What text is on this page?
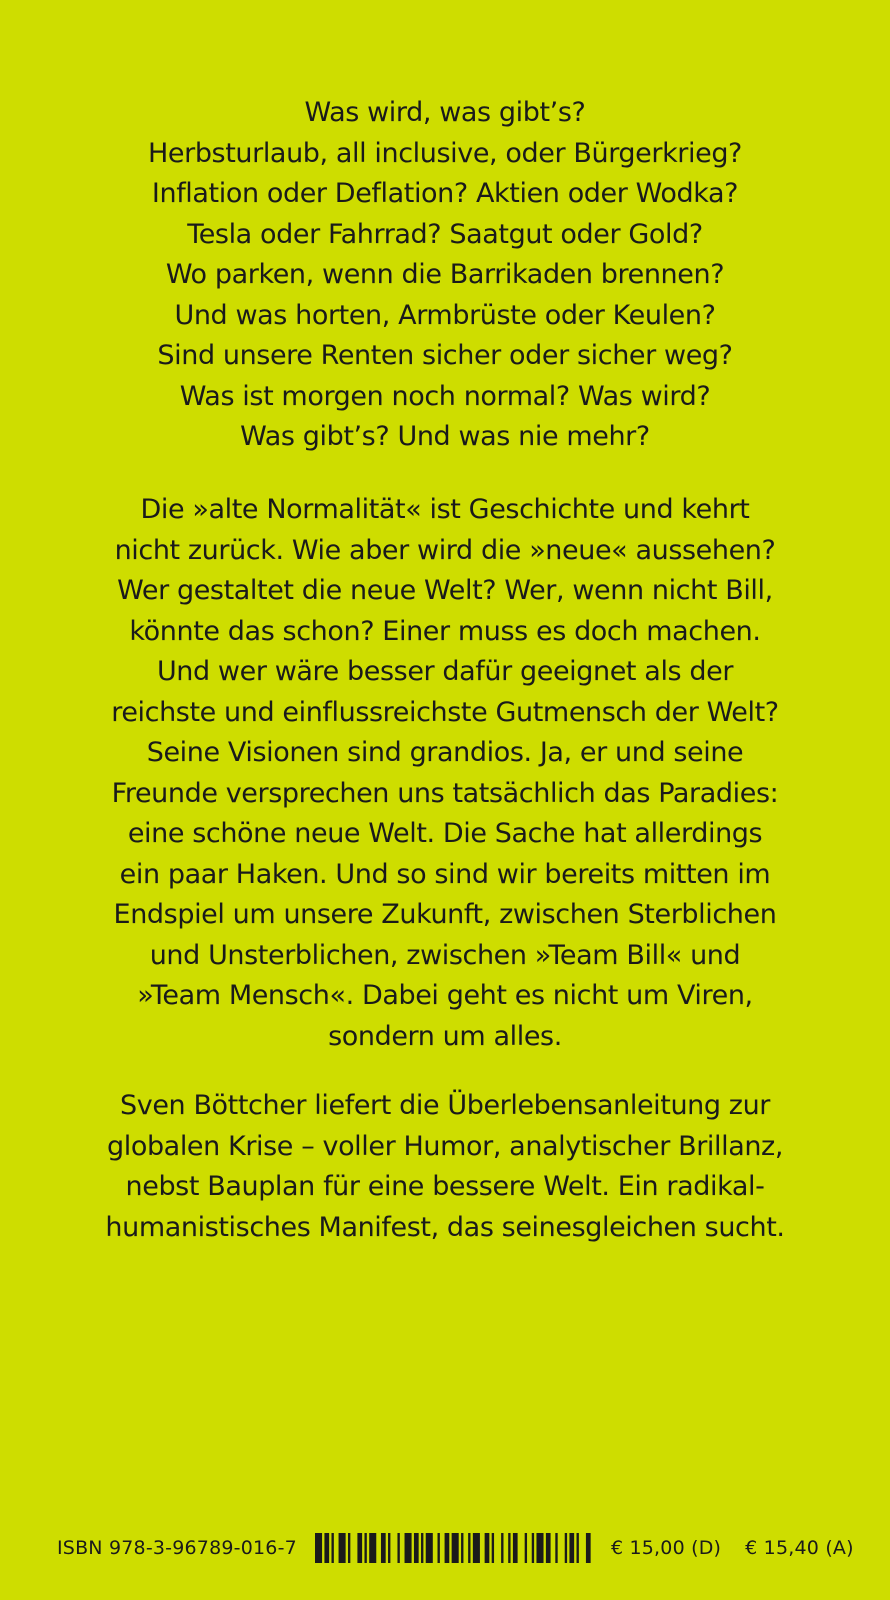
Was wird, was gibt’s?
Herbsturlaub, all inclusive, oder Bürgerkrieg?
Inflation oder Deflation? Aktien oder Wodka?
Tesla oder Fahrrad? Saatgut oder Gold?
Wo parken, wenn die Barrikaden brennen?
Und was horten, Armbrüste oder Keulen?
Sind unsere Renten sicher oder sicher weg?
Was ist morgen noch normal? Was wird?
Was gibt’s? Und was nie mehr?
Die »alte Normalität« ist Geschichte und kehrt
nicht zurück. Wie aber wird die »neue« aussehen?
Wer gestaltet die neue Welt? Wer, wenn nicht Bill,
könnte das schon? Einer muss es doch machen.
Und wer wäre besser dafür geeignet als der
reichste und einflussreichste Gutmensch der Welt?
Seine Visionen sind grandios. Ja, er und seine
Freunde versprechen uns tatsächlich das Paradies:
eine schöne neue Welt. Die Sache hat allerdings
ein paar Haken. Und so sind wir bereits mitten im
Endspiel um unsere Zukunft, zwischen Sterblichen
und Unsterblichen, zwischen »Team Bill« und
»Team Mensch«. Dabei geht es nicht um Viren,
sondern um alles.
Sven Böttcher liefert die Überlebensanleitung zur
globalen Krise – voller Humor, analytischer Brillanz,
nebst Bauplan für eine bessere Welt. Ein radikal-
humanistisches Manifest, das seinesgleichen sucht.
ISBN 978-3-96789-016-7	€ 15,00 (D) € 15,40 (A)
